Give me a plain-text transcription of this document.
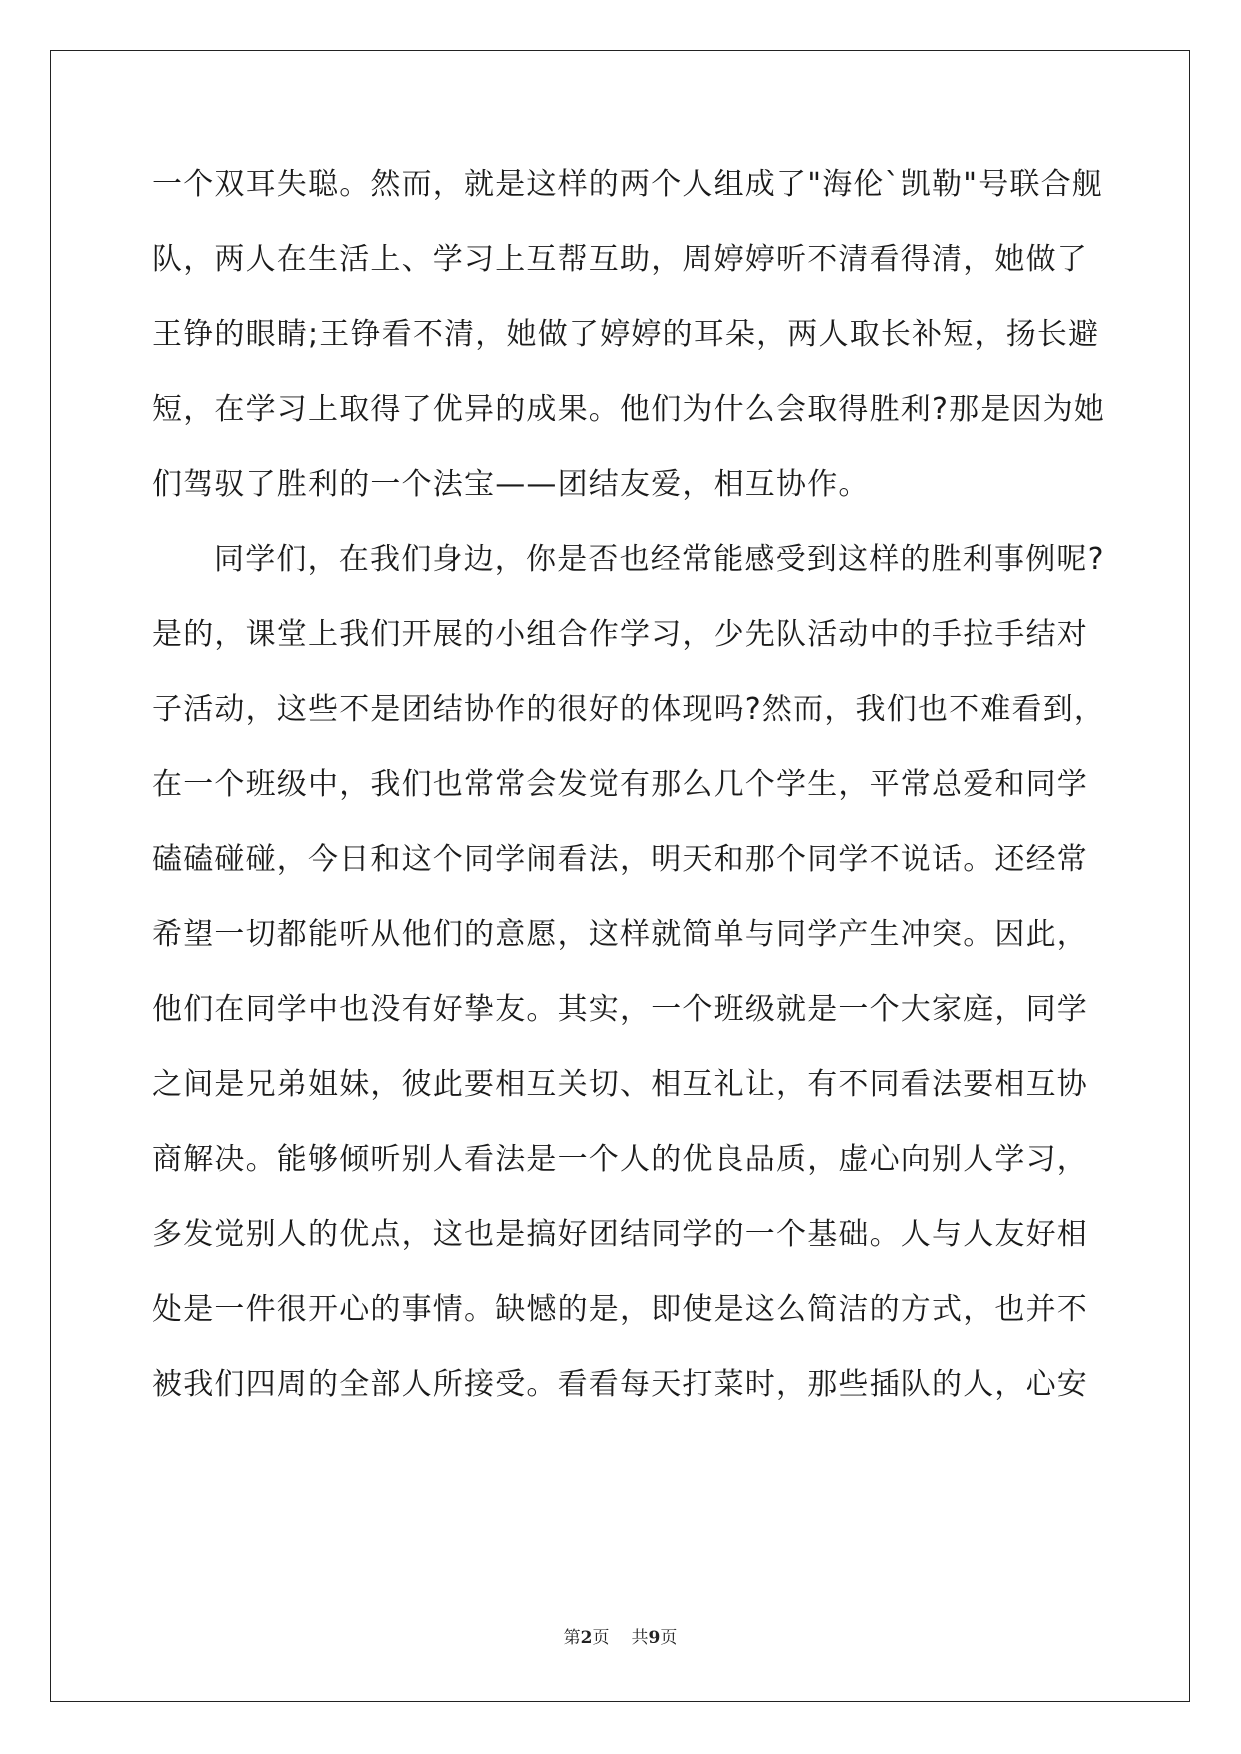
一个双耳失聪。然而，就是这样的两个人组成了"海伦`凯勒"号联合舰
队，两人在生活上、学习上互帮互助，周婷婷听不清看得清，她做了
王铮的眼睛;王铮看不清，她做了婷婷的耳朵，两人取长补短，扬长避
短，在学习上取得了优异的成果。他们为什么会取得胜利?那是因为她
们驾驭了胜利的一个法宝——团结友爱，相互协作。
同学们，在我们身边，你是否也经常能感受到这样的胜利事例呢?
是的，课堂上我们开展的小组合作学习，少先队活动中的手拉手结对
子活动，这些不是团结协作的很好的体现吗?然而，我们也不难看到，
在一个班级中，我们也常常会发觉有那么几个学生，平常总爱和同学
磕磕碰碰，今日和这个同学闹看法，明天和那个同学不说话。还经常
希望一切都能听从他们的意愿，这样就简单与同学产生冲突。因此，
他们在同学中也没有好挚友。其实，一个班级就是一个大家庭，同学
之间是兄弟姐妹，彼此要相互关切、相互礼让，有不同看法要相互协
商解决。能够倾听别人看法是一个人的优良品质，虚心向别人学习，
多发觉别人的优点，这也是搞好团结同学的一个基础。人与人友好相
处是一件很开心的事情。缺憾的是，即使是这么简洁的方式，也并不
被我们四周的全部人所接受。看看每天打菜时，那些插队的人，心安
第2页 共9页
